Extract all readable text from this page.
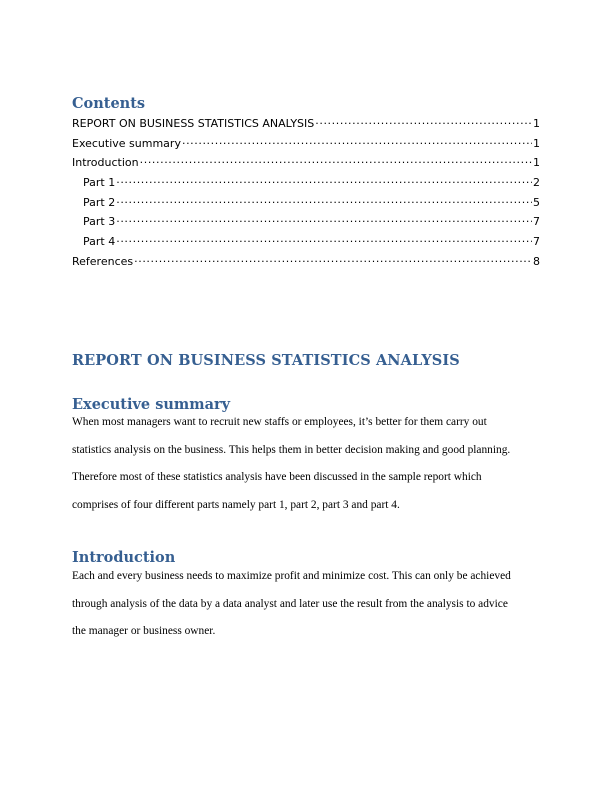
Contents
REPORT ON BUSINESS STATISTICS ANALYSIS .....	1
Executive summary .....	1
Introduction .....	1
Part 1 .....	2
Part 2 .....	5
Part 3 .....	7
Part 4 .....	7
References .....	8
REPORT ON BUSINESS STATISTICS ANALYSIS
Executive summary

When most managers want to recruit new staffs or employees, it’s better for them carry out
statistics analysis on the business. This helps them in better decision making and good planning.
Therefore most of these statistics analysis have been discussed in the sample report which
comprises of four different parts namely part 1, part 2, part 3 and part 4.

Introduction

Each and every business needs to maximize profit and minimize cost. This can only be achieved
through analysis of the data by a data analyst and later use the result from the analysis to advice
the manager or business owner.
